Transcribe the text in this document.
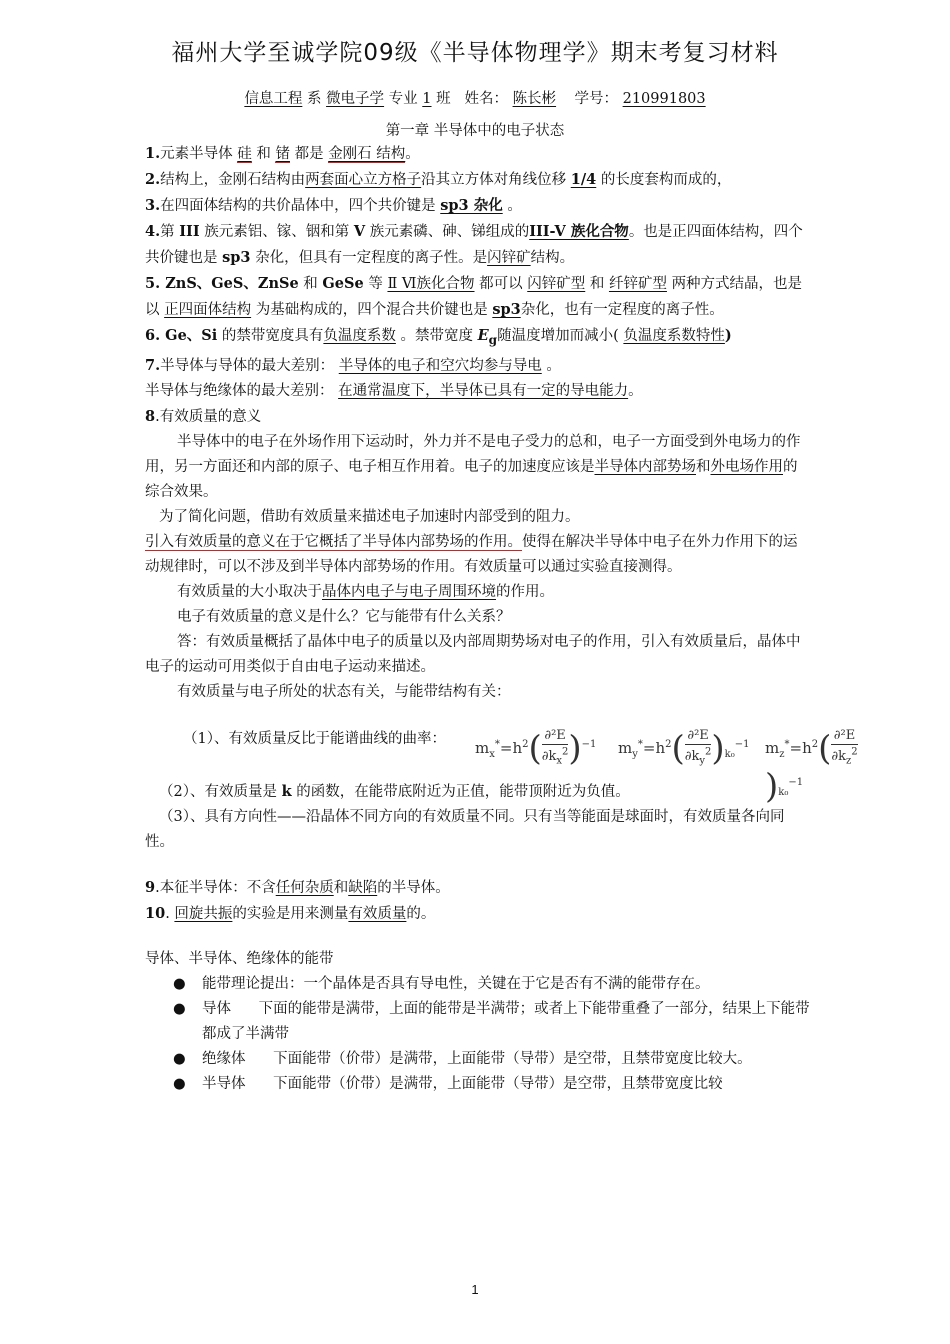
福州大学至诚学院09级《半导体物理学》期末考复习材料
信息工程 系 微电子学 专业 1 班 姓名： 陈长彬 学号： 210991803
第一章 半导体中的电子状态

1.元素半导体 硅 和 锗 都是 金刚石 结构。

2.结构上，金刚石结构由两套面心立方格子沿其立方体对角线位移 1/4 的长度套构而成的，

3.在四面体结构的共价晶体中，四个共价键是 sp3 杂化 。

4.第 III 族元素铝、镓、铟和第 V 族元素磷、砷、锑组成的III-V 族化合物。也是正四面体结构，四个共价键也是 sp3 杂化，但具有一定程度的离子性。是闪锌矿结构。

5. ZnS、GeS、ZnSe 和 GeSe 等 Ⅱ Ⅵ族化合物 都可以 闪锌矿型 和 纤锌矿型 两种方式结晶，也是以 正四面体结构 为基础构成的，四个混合共价键也是 sp3杂化，也有一定程度的离子性。

6. Ge、Si 的禁带宽度具有负温度系数 。禁带宽度 $E_g$随温度增加而减小( 负温度系数特性)

7.半导体与导体的最大差别： 半导体的电子和空穴均参与导电 。

半导体与绝缘体的最大差别： 在通常温度下，半导体已具有一定的导电能力。

8.有效质量的意义

半导体中的电子在外场作用下运动时，外力并不是电子受力的总和，电子一方面受到外电场力的作用，另一方面还和内部的原子、电子相互作用着。电子的加速度应该是半导体内部势场和外电场作用的综合效果。

为了简化问题，借助有效质量来描述电子加速时内部受到的阻力。

引入有效质量的意义在于它概括了半导体内部势场的作用。使得在解决半导体中电子在外力作用下的运动规律时，可以不涉及到半导体内部势场的作用。有效质量可以通过实验直接测得。

有效质量的大小取决于晶体内电子与电子周围环境的作用。

电子有效质量的意义是什么？它与能带有什么关系？

答：有效质量概括了晶体中电子的质量以及内部周期势场对电子的作用，引入有效质量后，晶体中电子的运动可用类似于自由电子运动来描述。

有效质量与电子所处的状态有关，与能带结构有关：

（1）、有效质量反比于能谱曲线的曲率： $m_x^*=h^2( \frac{\text{∂²E}}{\partial k_x^2})^{-1}$ $m_y^*=h^2( \frac{\text{∂²E}}{\partial k_y^2})_{k_0}^{-1}$ $m_z^*=h^2( \frac{\text{∂²E}}{\partial k_z^2})_{k_0}^{-1}$

（2）、有效质量是 k 的函数，在能带底附近为正值，能带顶附近为负值。

（3）、具有方向性——沿晶体不同方向的有效质量不同。只有当等能面是球面时，有效质量各向同性。

9.本征半导体：不含任何杂质和缺陷的半导体。

10. 回旋共振的实验是用来测量有效质量的。

导体、半导体、绝缘体的能带

● 能带理论提出：一个晶体是否具有导电性，关键在于它是否有不满的能带存在。

● 导体      下面的能带是满带，上面的能带是半满带；或者上下能带重叠了一部分，结果上下能带都成了半满带

● 绝缘体      下面能带（价带）是满带，上面能带（导带）是空带，且禁带宽度比较大。

● 半导体      下面能带（价带）是满带，上面能带（导带）是空带，且禁带宽度比较

1
